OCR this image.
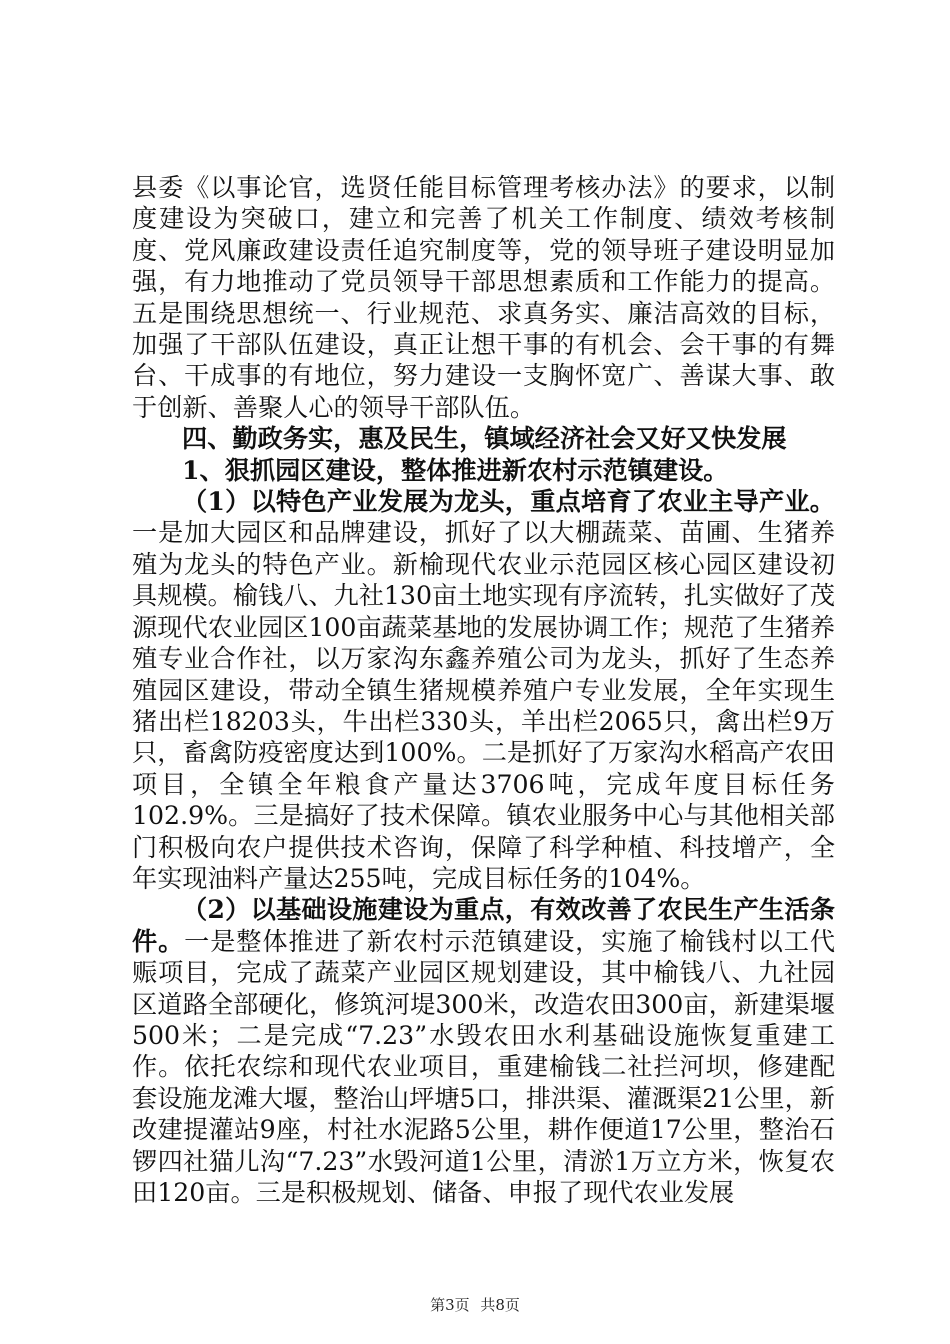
县委《以事论官，选贤任能目标管理考核办法》的要求，以制度建设为突破口，建立和完善了机关工作制度、绩效考核制度、党风廉政建设责任追究制度等，党的领导班子建设明显加强，有力地推动了党员领导干部思想素质和工作能力的提高。五是围绕思想统一、行业规范、求真务实、廉洁高效的目标，加强了干部队伍建设，真正让想干事的有机会、会干事的有舞台、干成事的有地位，努力建设一支胸怀宽广、善谋大事、敢于创新、善聚人心的领导干部队伍。

四、勤政务实，惠及民生，镇域经济社会又好又快发展

1、狠抓园区建设，整体推进新农村示范镇建设。

（1）以特色产业发展为龙头，重点培育了农业主导产业。一是加大园区和品牌建设，抓好了以大棚蔬菜、苗圃、生猪养殖为龙头的特色产业。新榆现代农业示范园区核心园区建设初具规模。榆钱八、九社130亩土地实现有序流转，扎实做好了茂源现代农业园区100亩蔬菜基地的发展协调工作；规范了生猪养殖专业合作社，以万家沟东鑫养殖公司为龙头，抓好了生态养殖园区建设，带动全镇生猪规模养殖户专业发展，全年实现生猪出栏18203头，牛出栏330头，羊出栏2065只，禽出栏9万只，畜禽防疫密度达到100%。二是抓好了万家沟水稻高产农田项目，全镇全年粮食产量达3706吨，完成年度目标任务102.9%。三是搞好了技术保障。镇农业服务中心与其他相关部门积极向农户提供技术咨询，保障了科学种植、科技增产，全年实现油料产量达255吨，完成目标任务的104%。

（2）以基础设施建设为重点，有效改善了农民生产生活条件。一是整体推进了新农村示范镇建设，实施了榆钱村以工代赈项目，完成了蔬菜产业园区规划建设，其中榆钱八、九社园区道路全部硬化，修筑河堤300米，改造农田300亩，新建渠堰500米；二是完成“7.23”水毁农田水利基础设施恢复重建工作。依托农综和现代农业项目，重建榆钱二社拦河坝，修建配套设施龙滩大堰，整治山坪塘5口，排洪渠、灌溉渠21公里，新改建提灌站9座，村社水泥路5公里，耕作便道17公里，整治石锣四社猫儿沟“7.23”水毁河道1公里，清淤1万立方米，恢复农田120亩。三是积极规划、储备、申报了现代农业发展

第3页 共8页
